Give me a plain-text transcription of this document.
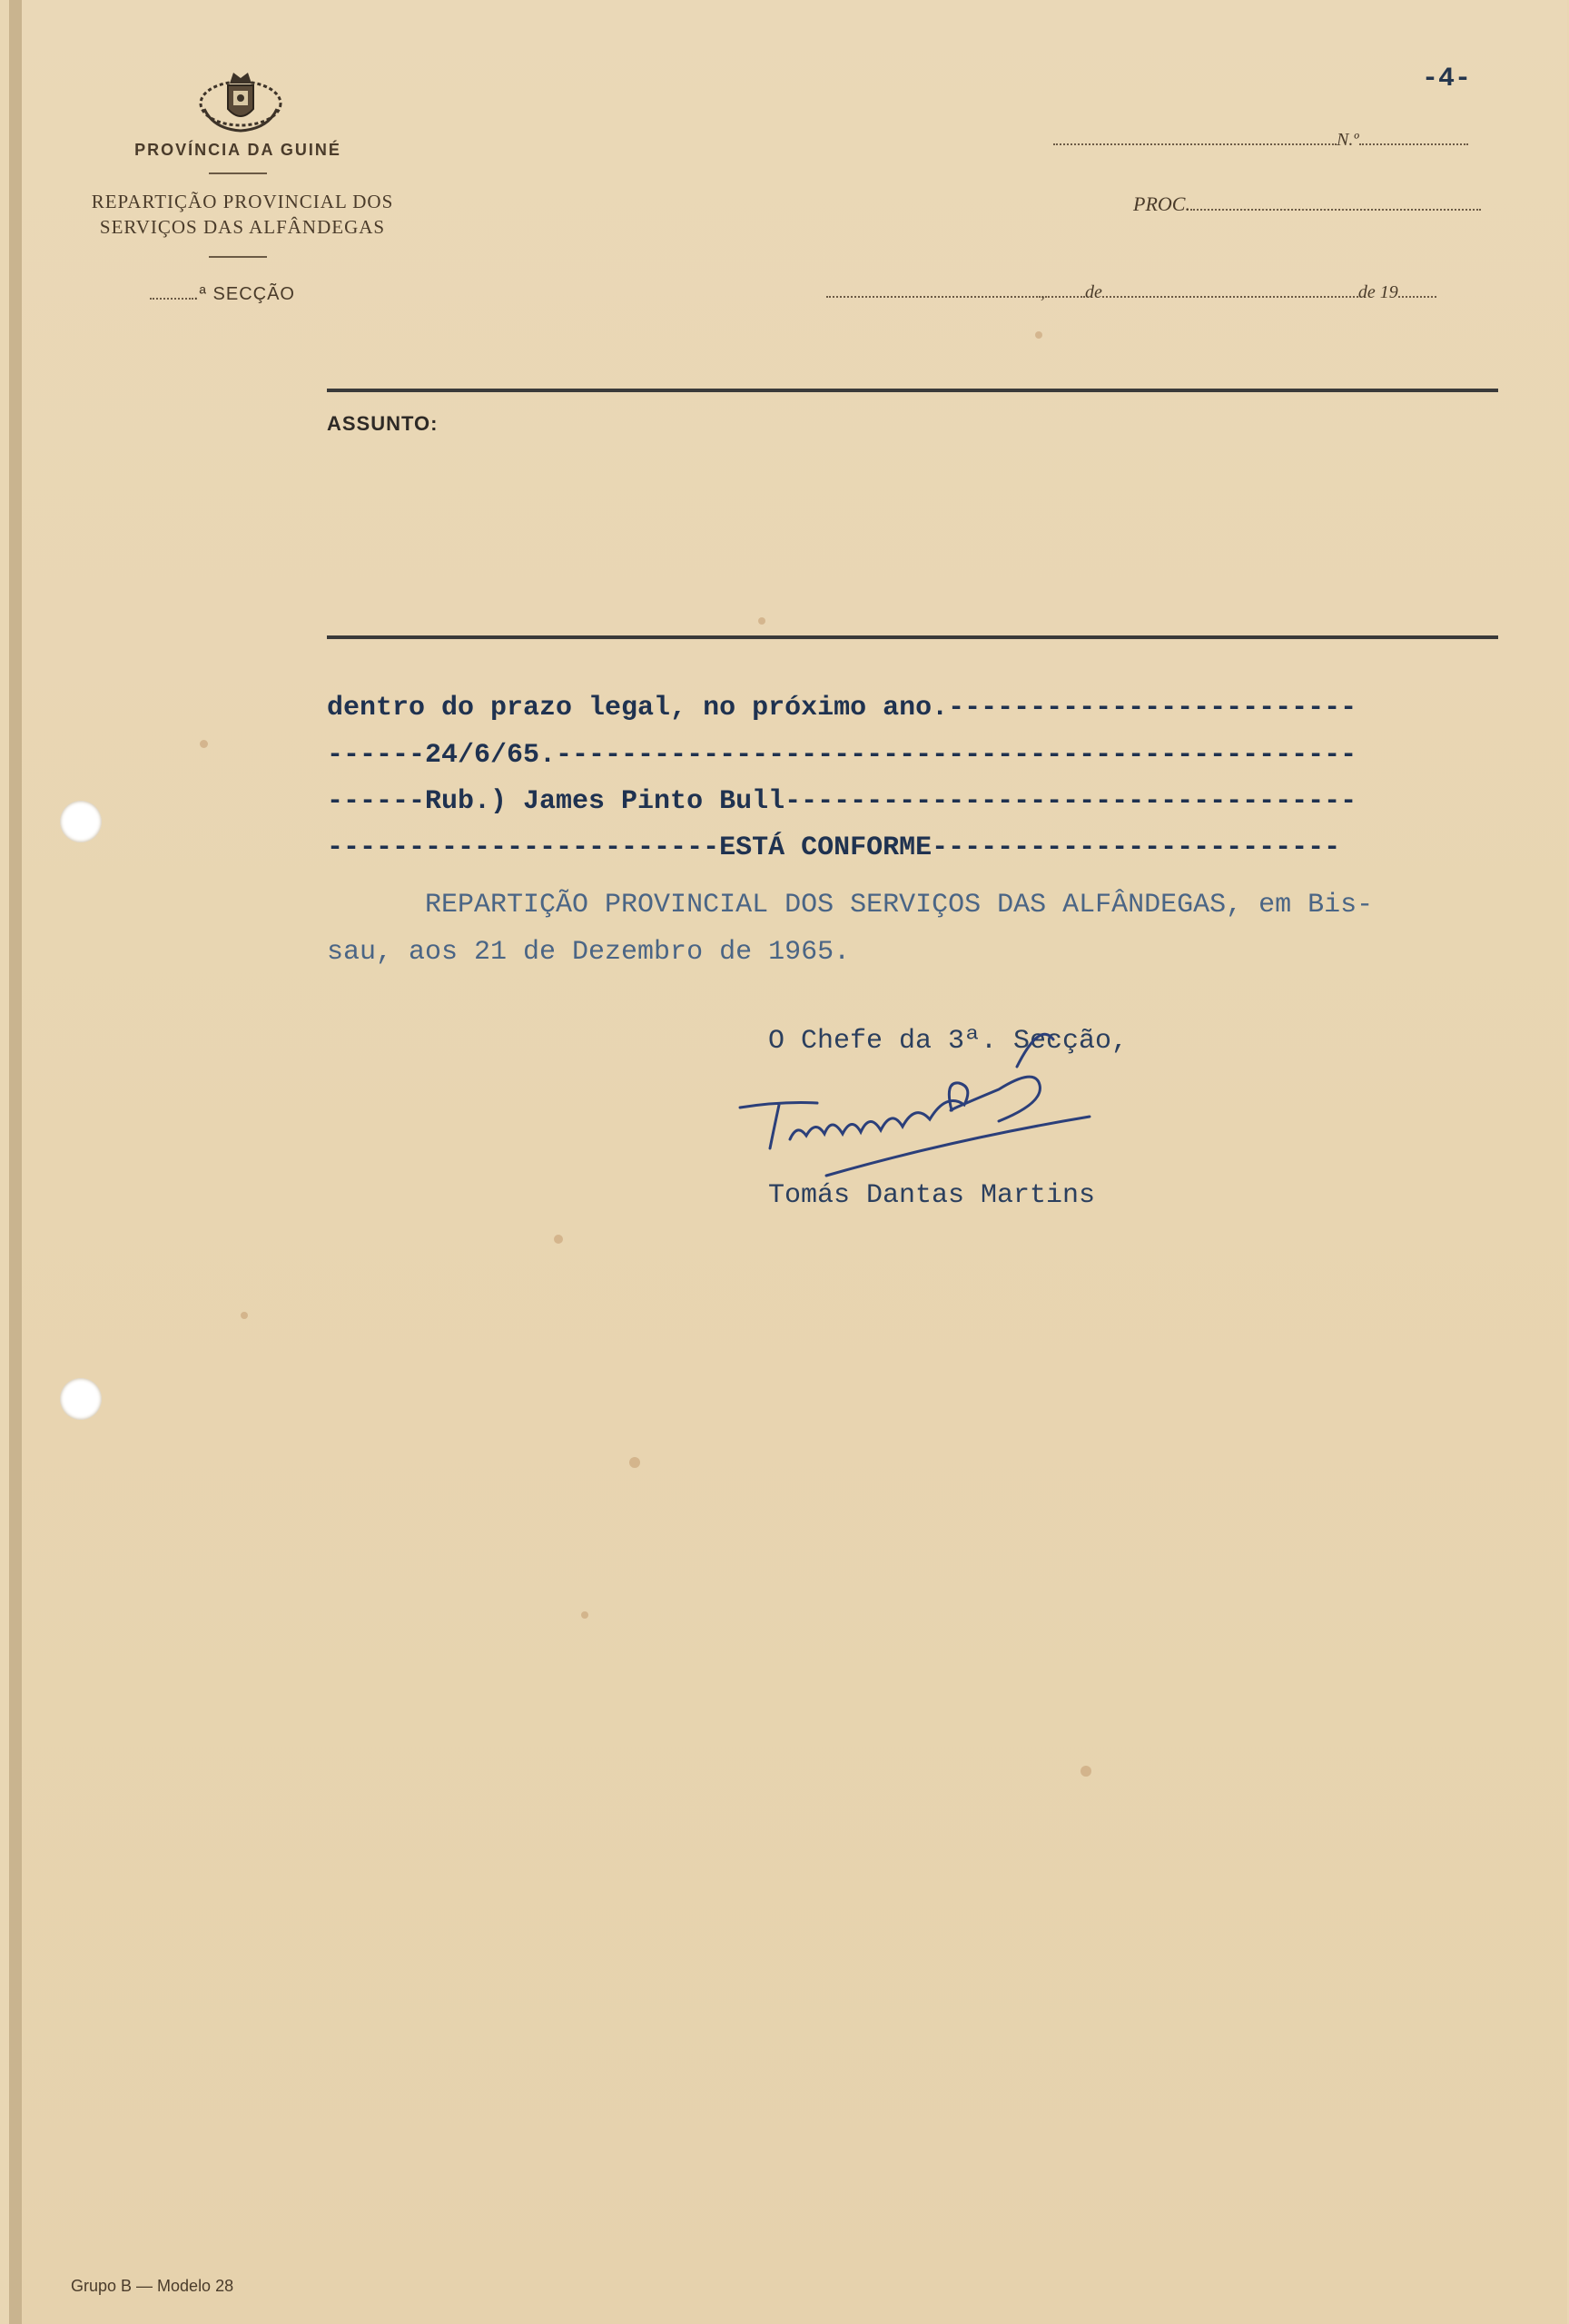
PROVÍNCIA DA GUINÉ
REPARTIÇÃO PROVINCIAL DOS
SERVIÇOS DAS ALFÂNDEGAS
.ª SECÇÃO
-4-
N.º
PROC.
, de	de 19
ASSUNTO:
dentro do prazo legal, no próximo ano.-------------------------
------24/6/65.-------------------------------------------------
------Rub.) James Pinto Bull-----------------------------------
------------------------ESTÁ CONFORME-------------------------
REPARTIÇÃO PROVINCIAL DOS SERVIÇOS DAS ALFÂNDEGAS, em Bis-
sau, aos 21 de Dezembro de 1965.
O Chefe da 3ª. Secção,
Tomás Dantas Martins
Grupo B — Modelo 28
